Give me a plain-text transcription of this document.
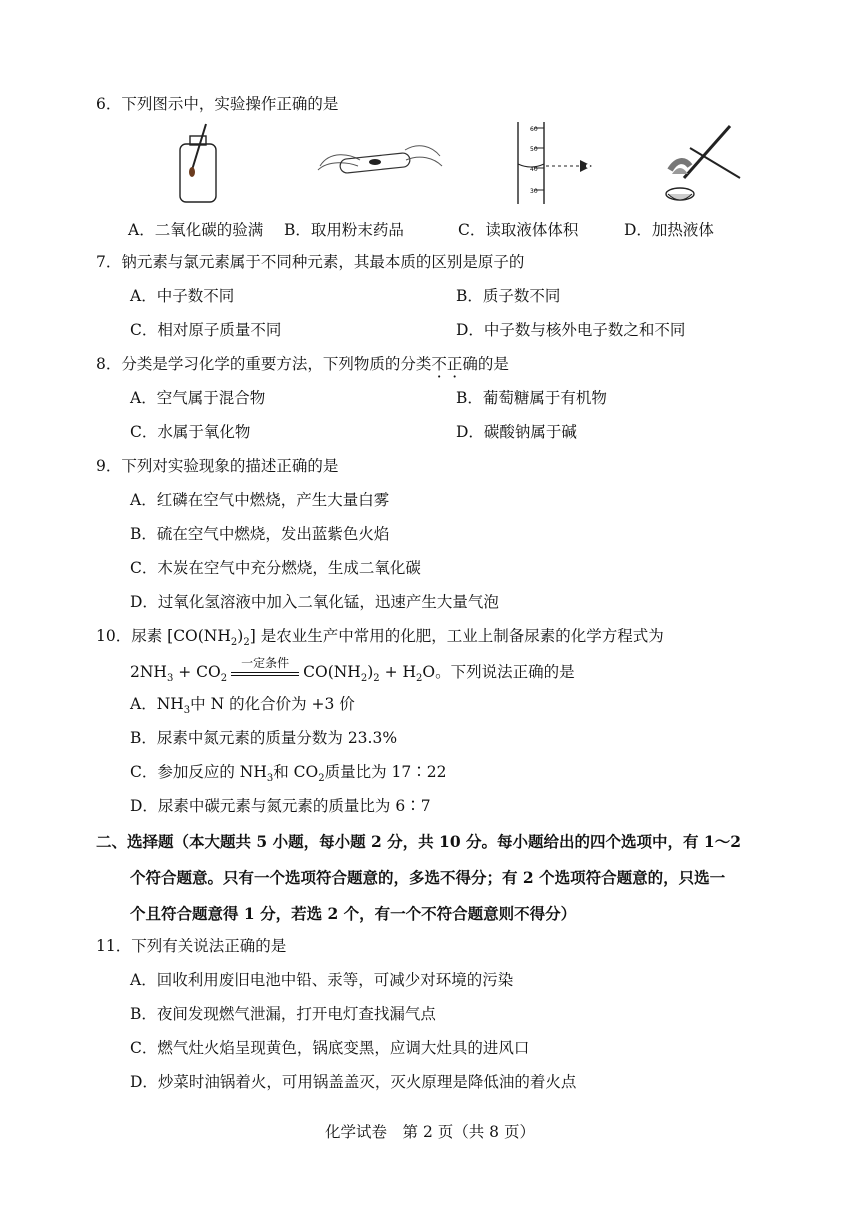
6．下列图示中，实验操作正确的是
60
50
40
30
A．二氧化碳的验满 B．取用粉末药品	C．读取液体体积	D．加热液体
7．钠元素与氯元素属于不同种元素，其最本质的区别是原子的
A．中子数不同	B．质子数不同
C．相对原子质量不同	D．中子数与核外电子数之和不同
8．分类是学习化学的重要方法，下列物质的分类不正确的是
A．空气属于混合物	B．葡萄糖属于有机物
C．水属于氧化物	D．碳酸钠属于碱
9．下列对实验现象的描述正确的是
A．红磷在空气中燃烧，产生大量白雾
B．硫在空气中燃烧，发出蓝紫色火焰
C．木炭在空气中充分燃烧，生成二氧化碳
D．过氧化氢溶液中加入二氧化锰，迅速产生大量气泡
10．尿素 $[CO(NH_2)_2]$ 是农业生产中常用的化肥，工业上制备尿素的化学方程式为
$2NH_3 + CO_2$
一定条件 $CO(NH_2)_2 + H_2O$。下列说法正确的是
A．$NH_3$中 N 的化合价为 +3 价
B．尿素中氮元素的质量分数为 23.3%
C．参加反应的 $NH_3$和 $CO_2$质量比为 17∶22
D．尿素中碳元素与氮元素的质量比为 6∶7
二、选择题（本大题共 5 小题，每小题 2 分，共 10 分。每小题给出的四个选项中，有 1～2
个符合题意。只有一个选项符合题意的，多选不得分；有 2 个选项符合题意的，只选一
个且符合题意得 1 分，若选 2 个，有一个不符合题意则不得分）
11．下列有关说法正确的是
A．回收利用废旧电池中铅、汞等，可减少对环境的污染
B．夜间发现燃气泄漏，打开电灯查找漏气点
C．燃气灶火焰呈现黄色，锅底变黑，应调大灶具的进风口
D．炒菜时油锅着火，可用锅盖盖灭，灭火原理是降低油的着火点
化学试卷　第 2 页（共 8 页）
